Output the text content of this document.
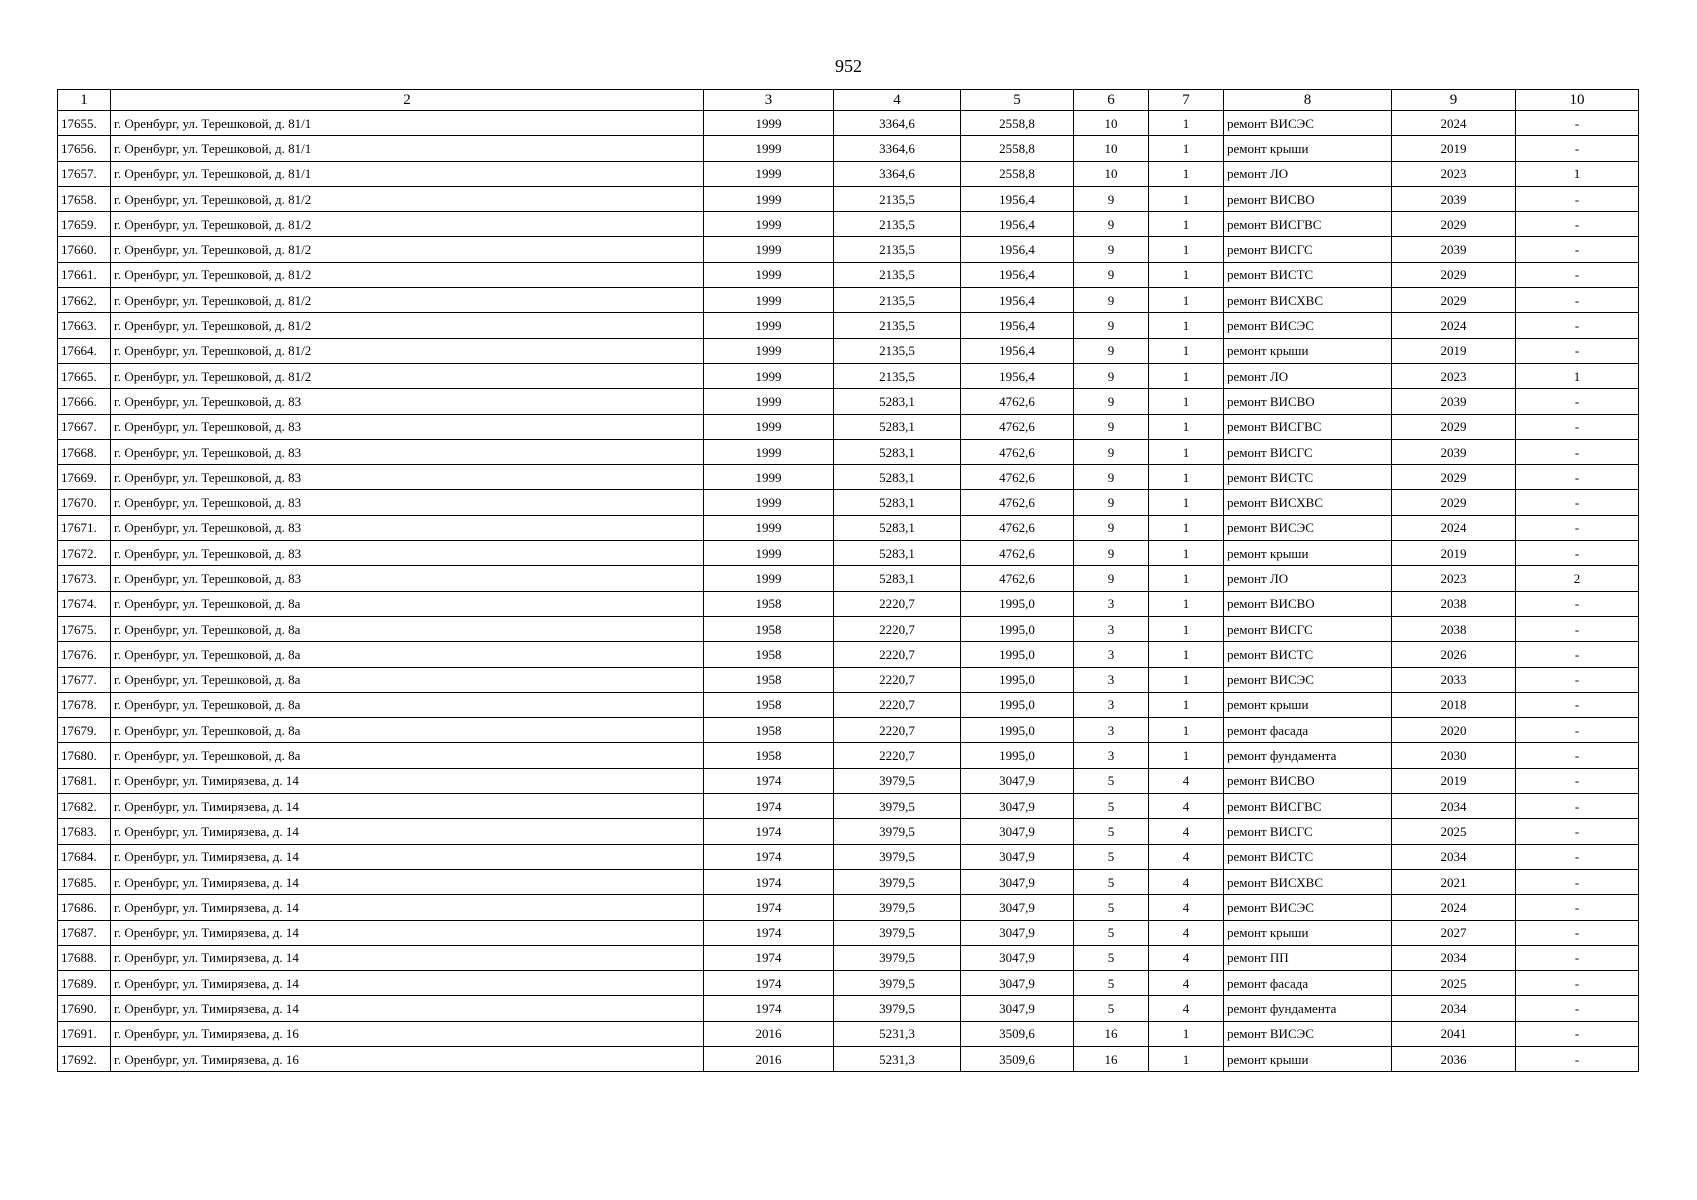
952
1	2	3	4	5	6	7	8	9	10
17655.	г. Оренбург, ул. Терешковой, д. 81/1	1999	3364,6	2558,8	10	1	ремонт ВИСЭС	2024	-
17656.	г. Оренбург, ул. Терешковой, д. 81/1	1999	3364,6	2558,8	10	1	ремонт крыши	2019	-
17657.	г. Оренбург, ул. Терешковой, д. 81/1	1999	3364,6	2558,8	10	1	ремонт ЛО	2023	1
17658.	г. Оренбург, ул. Терешковой, д. 81/2	1999	2135,5	1956,4	9	1	ремонт ВИСВО	2039	-
17659.	г. Оренбург, ул. Терешковой, д. 81/2	1999	2135,5	1956,4	9	1	ремонт ВИСГВС	2029	-
17660.	г. Оренбург, ул. Терешковой, д. 81/2	1999	2135,5	1956,4	9	1	ремонт ВИСГС	2039	-
17661.	г. Оренбург, ул. Терешковой, д. 81/2	1999	2135,5	1956,4	9	1	ремонт ВИСТС	2029	-
17662.	г. Оренбург, ул. Терешковой, д. 81/2	1999	2135,5	1956,4	9	1	ремонт ВИСХВС	2029	-
17663.	г. Оренбург, ул. Терешковой, д. 81/2	1999	2135,5	1956,4	9	1	ремонт ВИСЭС	2024	-
17664.	г. Оренбург, ул. Терешковой, д. 81/2	1999	2135,5	1956,4	9	1	ремонт крыши	2019	-
17665.	г. Оренбург, ул. Терешковой, д. 81/2	1999	2135,5	1956,4	9	1	ремонт ЛО	2023	1
17666.	г. Оренбург, ул. Терешковой, д. 83	1999	5283,1	4762,6	9	1	ремонт ВИСВО	2039	-
17667.	г. Оренбург, ул. Терешковой, д. 83	1999	5283,1	4762,6	9	1	ремонт ВИСГВС	2029	-
17668.	г. Оренбург, ул. Терешковой, д. 83	1999	5283,1	4762,6	9	1	ремонт ВИСГС	2039	-
17669.	г. Оренбург, ул. Терешковой, д. 83	1999	5283,1	4762,6	9	1	ремонт ВИСТС	2029	-
17670.	г. Оренбург, ул. Терешковой, д. 83	1999	5283,1	4762,6	9	1	ремонт ВИСХВС	2029	-
17671.	г. Оренбург, ул. Терешковой, д. 83	1999	5283,1	4762,6	9	1	ремонт ВИСЭС	2024	-
17672.	г. Оренбург, ул. Терешковой, д. 83	1999	5283,1	4762,6	9	1	ремонт крыши	2019	-
17673.	г. Оренбург, ул. Терешковой, д. 83	1999	5283,1	4762,6	9	1	ремонт ЛО	2023	2
17674.	г. Оренбург, ул. Терешковой, д. 8а	1958	2220,7	1995,0	3	1	ремонт ВИСВО	2038	-
17675.	г. Оренбург, ул. Терешковой, д. 8а	1958	2220,7	1995,0	3	1	ремонт ВИСГС	2038	-
17676.	г. Оренбург, ул. Терешковой, д. 8а	1958	2220,7	1995,0	3	1	ремонт ВИСТС	2026	-
17677.	г. Оренбург, ул. Терешковой, д. 8а	1958	2220,7	1995,0	3	1	ремонт ВИСЭС	2033	-
17678.	г. Оренбург, ул. Терешковой, д. 8а	1958	2220,7	1995,0	3	1	ремонт крыши	2018	-
17679.	г. Оренбург, ул. Терешковой, д. 8а	1958	2220,7	1995,0	3	1	ремонт фасада	2020	-
17680.	г. Оренбург, ул. Терешковой, д. 8а	1958	2220,7	1995,0	3	1	ремонт фундамента	2030	-
17681.	г. Оренбург, ул. Тимирязева, д. 14	1974	3979,5	3047,9	5	4	ремонт ВИСВО	2019	-
17682.	г. Оренбург, ул. Тимирязева, д. 14	1974	3979,5	3047,9	5	4	ремонт ВИСГВС	2034	-
17683.	г. Оренбург, ул. Тимирязева, д. 14	1974	3979,5	3047,9	5	4	ремонт ВИСГС	2025	-
17684.	г. Оренбург, ул. Тимирязева, д. 14	1974	3979,5	3047,9	5	4	ремонт ВИСТС	2034	-
17685.	г. Оренбург, ул. Тимирязева, д. 14	1974	3979,5	3047,9	5	4	ремонт ВИСХВС	2021	-
17686.	г. Оренбург, ул. Тимирязева, д. 14	1974	3979,5	3047,9	5	4	ремонт ВИСЭС	2024	-
17687.	г. Оренбург, ул. Тимирязева, д. 14	1974	3979,5	3047,9	5	4	ремонт крыши	2027	-
17688.	г. Оренбург, ул. Тимирязева, д. 14	1974	3979,5	3047,9	5	4	ремонт ПП	2034	-
17689.	г. Оренбург, ул. Тимирязева, д. 14	1974	3979,5	3047,9	5	4	ремонт фасада	2025	-
17690.	г. Оренбург, ул. Тимирязева, д. 14	1974	3979,5	3047,9	5	4	ремонт фундамента	2034	-
17691.	г. Оренбург, ул. Тимирязева, д. 16	2016	5231,3	3509,6	16	1	ремонт ВИСЭС	2041	-
17692.	г. Оренбург, ул. Тимирязева, д. 16	2016	5231,3	3509,6	16	1	ремонт крыши	2036	-
